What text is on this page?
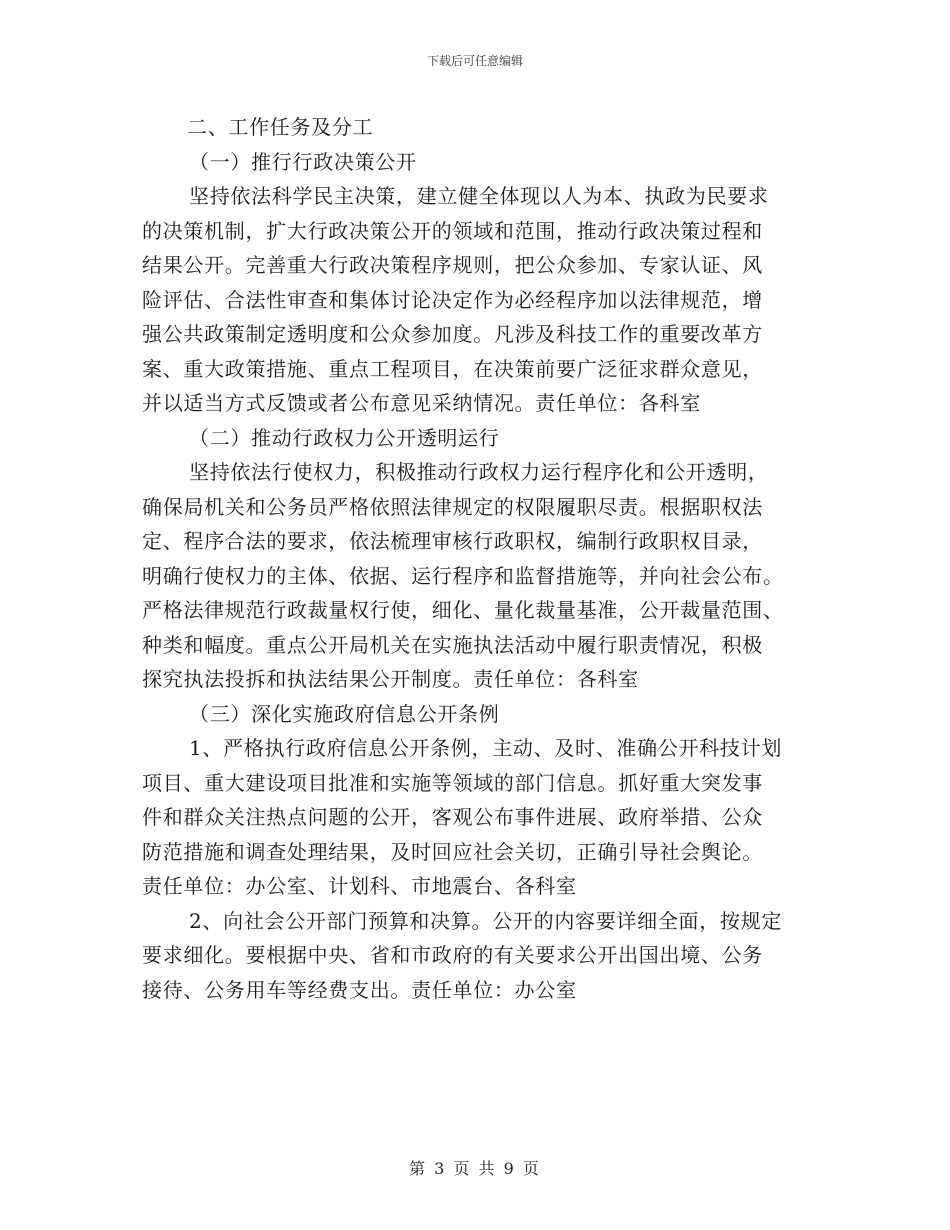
下载后可任意编辑
二、工作任务及分工
（一）推行行政决策公开
坚持依法科学民主决策，建立健全体现以人为本、执政为民要求
的决策机制，扩大行政决策公开的领域和范围，推动行政决策过程和
结果公开。完善重大行政决策程序规则，把公众参加、专家认证、风
险评估、合法性审查和集体讨论决定作为必经程序加以法律规范，增
强公共政策制定透明度和公众参加度。凡涉及科技工作的重要改革方
案、重大政策措施、重点工程项目，在决策前要广泛征求群众意见，
并以适当方式反馈或者公布意见采纳情况。责任单位：各科室
（二）推动行政权力公开透明运行
坚持依法行使权力，积极推动行政权力运行程序化和公开透明，
确保局机关和公务员严格依照法律规定的权限履职尽责。根据职权法
定、程序合法的要求，依法梳理审核行政职权，编制行政职权目录，
明确行使权力的主体、依据、运行程序和监督措施等，并向社会公布。
严格法律规范行政裁量权行使，细化、量化裁量基准，公开裁量范围、
种类和幅度。重点公开局机关在实施执法活动中履行职责情况，积极
探究执法投拆和执法结果公开制度。责任单位：各科室
（三）深化实施政府信息公开条例
1、严格执行政府信息公开条例，主动、及时、准确公开科技计划
项目、重大建设项目批准和实施等领域的部门信息。抓好重大突发事
件和群众关注热点问题的公开，客观公布事件进展、政府举措、公众
防范措施和调查处理结果，及时回应社会关切，正确引导社会舆论。
责任单位：办公室、计划科、市地震台、各科室
2、向社会公开部门预算和决算。公开的内容要详细全面，按规定
要求细化。要根据中央、省和市政府的有关要求公开出国出境、公务
接待、公务用车等经费支出。责任单位：办公室
第 3 页 共 9 页
